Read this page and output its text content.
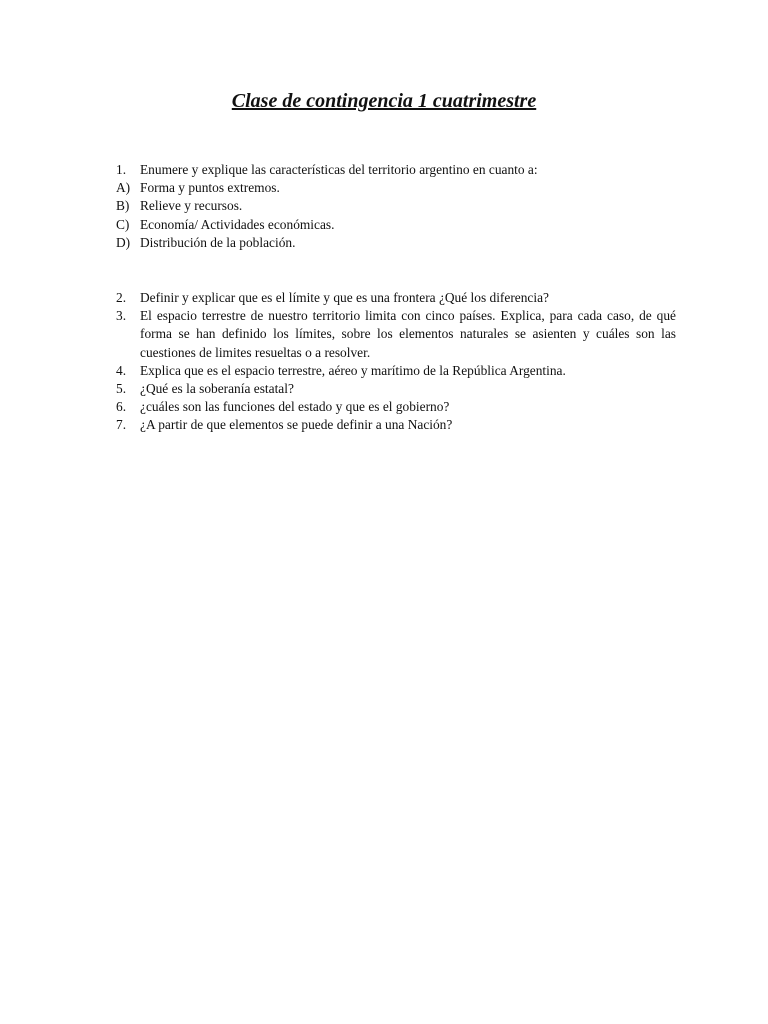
Clase de contingencia 1 cuatrimestre
1.	Enumere y explique las características del territorio argentino en cuanto a:
A) Forma y puntos extremos.
B) Relieve y recursos.
C) Economía/ Actividades económicas.
D) Distribución de la población.
2.	Definir y explicar que es el límite y que es una frontera ¿Qué los diferencia?
3.	El espacio terrestre de nuestro territorio limita con cinco países. Explica, para cada caso, de qué forma se han definido los límites, sobre los elementos naturales se asienten y cuáles son las cuestiones de limites resueltas o a resolver.
4.	Explica que es el espacio terrestre, aéreo y marítimo de la República Argentina.
5.	¿Qué es la soberanía estatal?
6.	¿cuáles son las funciones del estado y que es el gobierno?
7.	¿A partir de que elementos se puede definir a una Nación?
